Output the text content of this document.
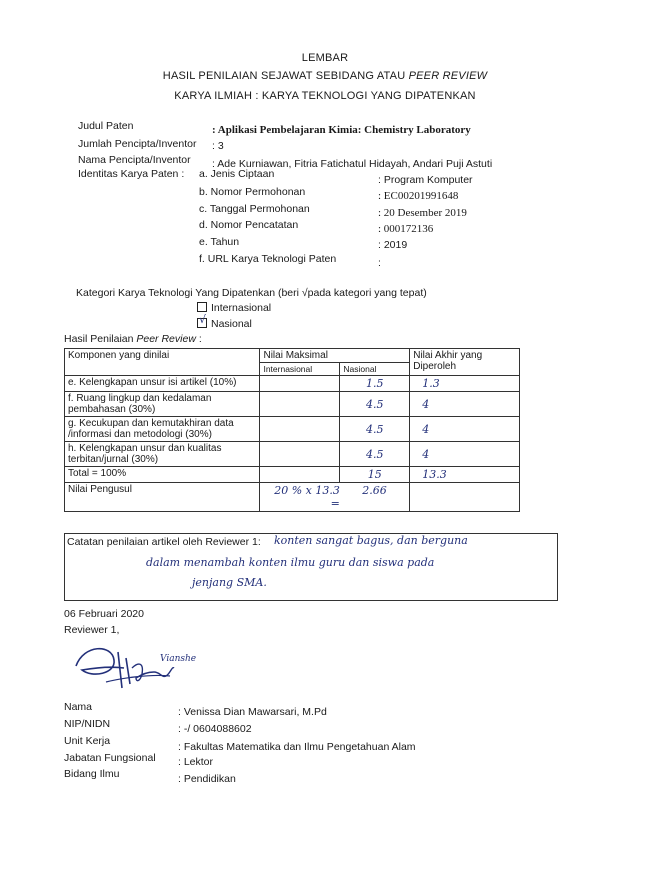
LEMBAR
HASIL PENILAIAN SEJAWAT SEBIDANG ATAU PEER REVIEW
KARYA ILMIAH : KARYA TEKNOLOGI YANG DIPATENKAN
Judul Paten	: Aplikasi Pembelajaran Kimia: Chemistry Laboratory
Jumlah Pencipta/Inventor : 3
Nama Pencipta/Inventor : Ade Kurniawan, Fitria Fatichatul Hidayah, Andari Puji Astuti
Identitas Karya Paten : a. Jenis Ciptaan	: Program Komputer
b. Nomor Permohonan	: EC00201991648
c. Tanggal Permohonan	: 20 Desember 2019
d. Nomor Pencatatan	: 000172136
e. Tahun	: 2019
f. URL Karya Teknologi Paten	:
Kategori Karya Teknologi Yang Dipatenkan (beri √pada kategori yang tepat)
Internasional
√ Nasional
Hasil Penilaian Peer Review :
Komponen yang dinilai	Nilai Maksimal		Nilai Akhir yang
Diperoleh
	Internasional	Nasional	
e. Kelengkapan unsur isi artikel (10%)		1.5	1.3
f. Ruang lingkup dan kedalaman pembahasan (30%)		4.5	4
g. Kecukupan dan kemutakhiran data /informasi dan metodologi (30%)		4.5	4
h. Kelengkapan unsur dan kualitas terbitan/jurnal (30%)		4.5	4
Total = 100%		15	13.3
Nilai Pengusul	20 % x 13.3 =	2.66	
Catatan penilaian artikel oleh Reviewer 1: konten sangat bagus, dan berguna
dalam menambah konten ilmu guru dan siswa pada
jenjang SMA.
06 Februari 2020
Reviewer 1,
Vianshe
Nama	: Venissa Dian Mawarsari, M.Pd
NIP/NIDN	: -/ 0604088602
Unit Kerja	: Fakultas Matematika dan Ilmu Pengetahuan Alam
Jabatan Fungsional : Lektor
Bidang Ilmu	: Pendidikan
